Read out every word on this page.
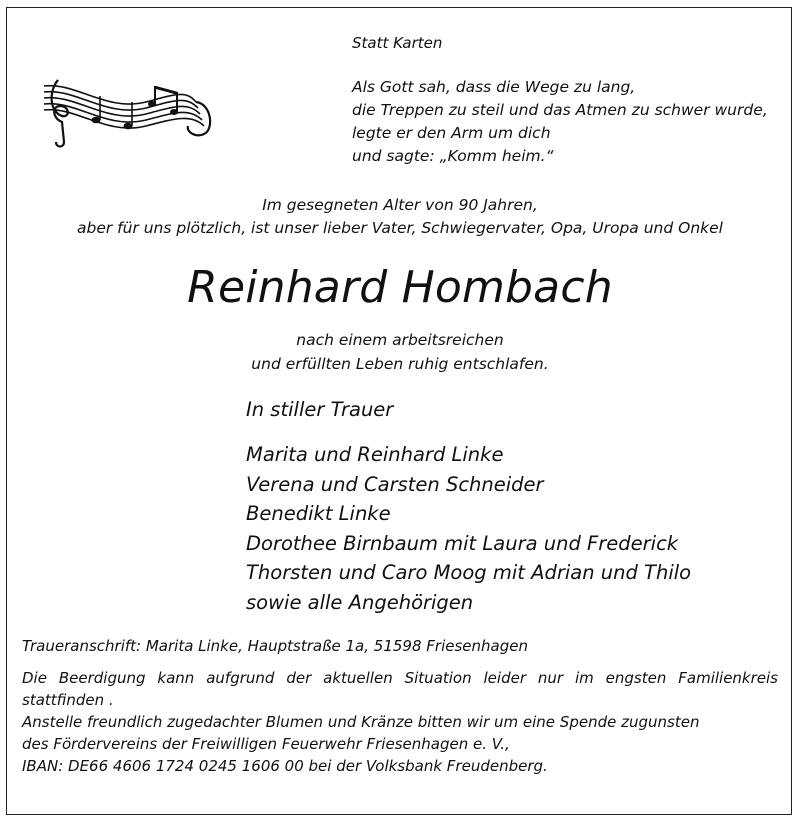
Statt Karten
Als Gott sah, dass die Wege zu lang,
die Treppen zu steil und das Atmen zu schwer wurde,
legte er den Arm um dich
und sagte: „Komm heim.“
Im gesegneten Alter von 90 Jahren,
aber für uns plötzlich, ist unser lieber Vater, Schwiegervater, Opa, Uropa und Onkel
Reinhard Hombach
nach einem arbeitsreichen
und erfüllten Leben ruhig entschlafen.
In stiller Trauer
Marita und Reinhard Linke
Verena und Carsten Schneider
Benedikt Linke
Dorothee Birnbaum mit Laura und Frederick
Thorsten und Caro Moog mit Adrian und Thilo
sowie alle Angehörigen
Traueranschrift: Marita Linke, Hauptstraße 1a, 51598 Friesenhagen
Die Beerdigung kann aufgrund der aktuellen Situation leider nur im engsten Familienkreis stattfinden .
Anstelle freundlich zugedachter Blumen und Kränze bitten wir um eine Spende zugunsten
des Fördervereins der Freiwilligen Feuerwehr Friesenhagen e. V.,
IBAN: DE66 4606 1724 0245 1606 00 bei der Volksbank Freudenberg.
